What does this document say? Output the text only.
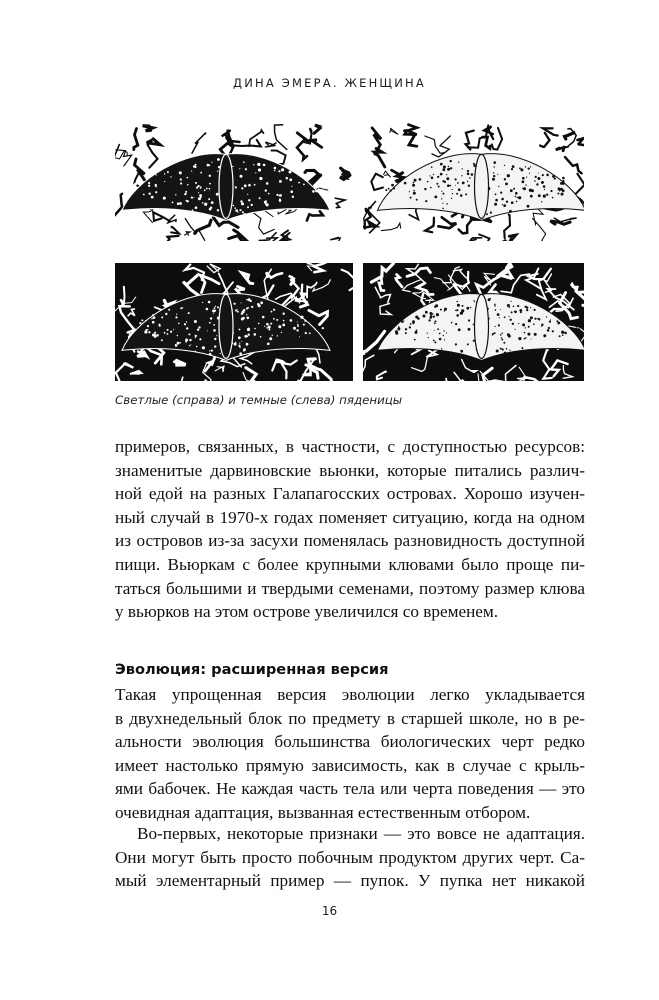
ДИНА ЭМЕРА. ЖЕНЩИНА
Светлые (справа) и темные (слева) пяденицы
примеров, связанных, в частности, с доступностью ресурсов:
знаменитые дарвиновские вьюнки, которые питались различ-
ной едой на разных Галапагосских островах. Хорошо изучен-
ный случай в 1970-х годах поменяет ситуацию, когда на одном
из островов из-за засухи поменялась разновидность доступной
пищи. Вьюркам с более крупными клювами было проще пи-
таться большими и твердыми семенами, поэтому размер клюва
у вьюрков на этом острове увеличился со временем.
Эволюция: расширенная версия
Такая упрощенная версия эволюции легко укладывается
в двухнедельный блок по предмету в старшей школе, но в ре-
альности эволюция большинства биологических черт редко
имеет настолько прямую зависимость, как в случае с крыль-
ями бабочек. Не каждая часть тела или черта поведения — это
очевидная адаптация, вызванная естественным отбором.
Во-первых, некоторые признаки — это вовсе не адаптация.
Они могут быть просто побочным продуктом других черт. Са-
мый элементарный пример — пупок. У пупка нет никакой
16
